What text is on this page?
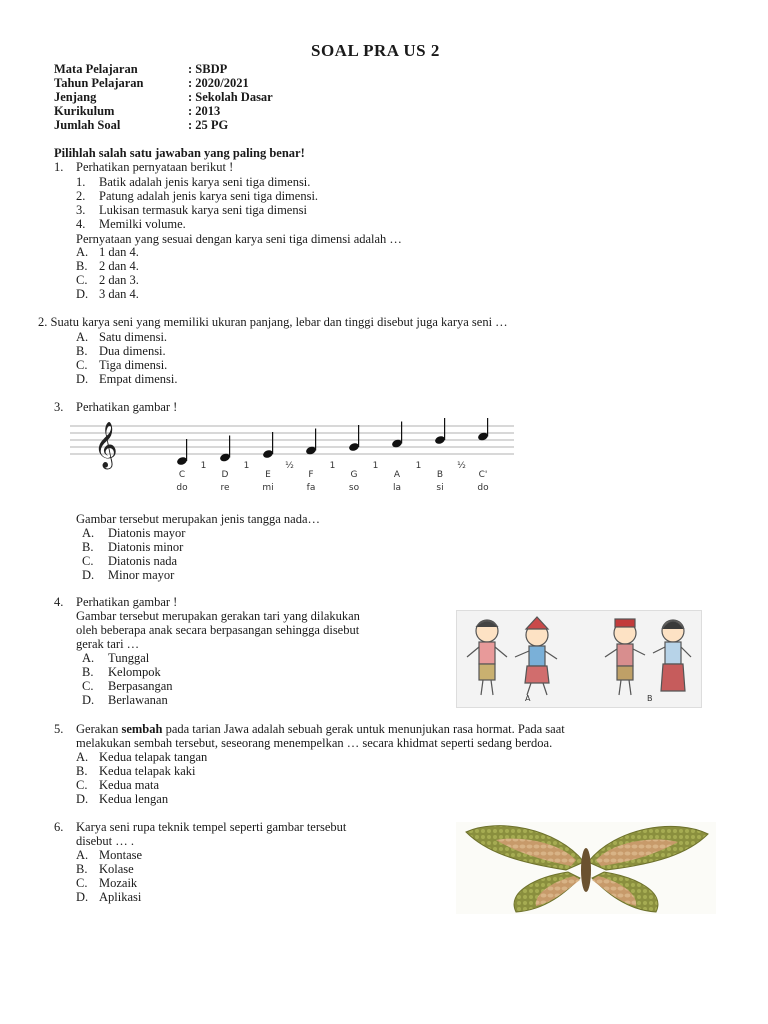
SOAL PRA US 2
Mata Pelajaran	: SBDP
Tahun Pelajaran	: 2020/2021
Jenjang	: Sekolah Dasar
Kurikulum	: 2013
Jumlah Soal	: 25 PG
Pilihlah salah satu jawaban yang paling benar!
1. Perhatikan pernyataan berikut !
1. Batik adalah jenis karya seni tiga dimensi.
2. Patung adalah jenis karya seni tiga dimensi.
3. Lukisan termasuk karya seni tiga dimensi
4. Memilki volume.
Pernyataan yang sesuai dengan karya seni tiga dimensi adalah …
A. 1 dan 4.
B. 2 dan 4.
C. 2 dan 3.
D. 3 dan 4.
2. Suatu karya seni yang memiliki ukuran panjang, lebar dan tinggi disebut juga karya seni …
A. Satu dimensi.
B. Dua dimensi.
C. Tiga dimensi.
D. Empat dimensi.
3. Perhatikan gambar !
𝄞	1	1	½	1	1	1	½
C	D	E	F	G	A	B	C'
do	re	mi	fa	so	la	si	do
Gambar tersebut merupakan jenis tangga nada…
A. Diatonis mayor
B. Diatonis minor
C. Diatonis nada
D. Minor mayor
4. Perhatikan gambar !
Gambar tersebut merupakan gerakan tari yang dilakukan
oleh beberapa anak secara berpasangan sehingga disebut
gerak tari …
A. Tunggal
B. Kelompok
C. Berpasangan
D. Berlawanan	A	B
5. Gerakan sembah pada tarian Jawa adalah sebuah gerak untuk menunjukan rasa hormat. Pada saat
melakukan sembah tersebut, seseorang menempelkan … secara khidmat seperti sedang berdoa.
A. Kedua telapak tangan
B. Kedua telapak kaki
C. Kedua mata
D. Kedua lengan
6. Karya seni rupa teknik tempel seperti gambar tersebut
disebut … .
A. Montase
B. Kolase
C. Mozaik
D. Aplikasi
